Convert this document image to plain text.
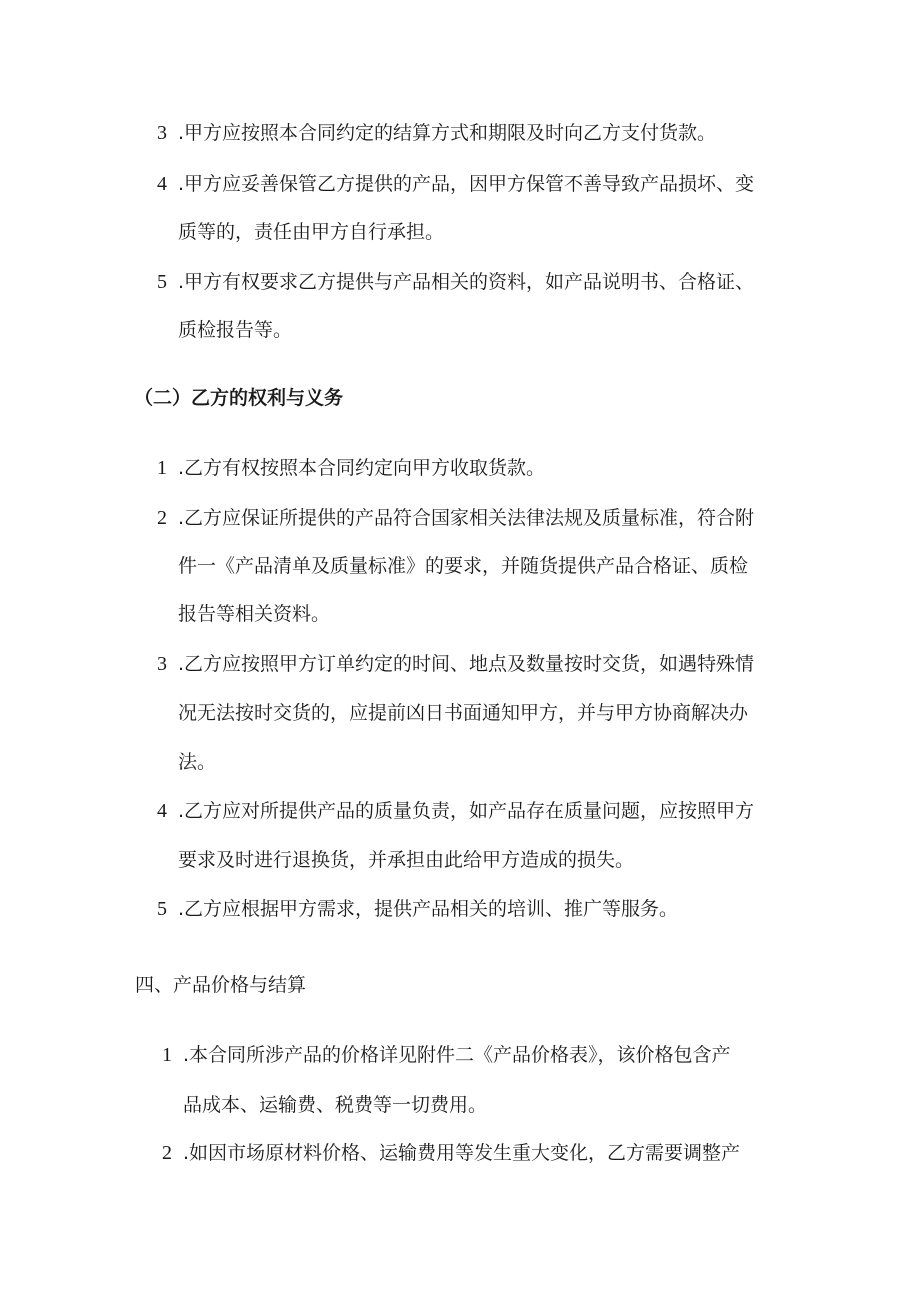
3 .甲方应按照本合同约定的结算方式和期限及时向乙方支付货款。
4 .甲方应妥善保管乙方提供的产品，因甲方保管不善导致产品损坏、变
质等的，责任由甲方自行承担。
5 .甲方有权要求乙方提供与产品相关的资料，如产品说明书、合格证、
质检报告等。
（二）乙方的权利与义务
1 .乙方有权按照本合同约定向甲方收取货款。
2 .乙方应保证所提供的产品符合国家相关法律法规及质量标准，符合附
件一《产品清单及质量标准》的要求，并随货提供产品合格证、质检
报告等相关资料。
3 .乙方应按照甲方订单约定的时间、地点及数量按时交货，如遇特殊情
况无法按时交货的，应提前凶日书面通知甲方，并与甲方协商解决办
法。
4 .乙方应对所提供产品的质量负责，如产品存在质量问题，应按照甲方
要求及时进行退换货，并承担由此给甲方造成的损失。
5 .乙方应根据甲方需求，提供产品相关的培训、推广等服务。
四、产品价格与结算
1 .本合同所涉产品的价格详见附件二《产品价格表》，该价格包含产
品成本、运输费、税费等一切费用。
2 .如因市场原材料价格、运输费用等发生重大变化，乙方需要调整产
